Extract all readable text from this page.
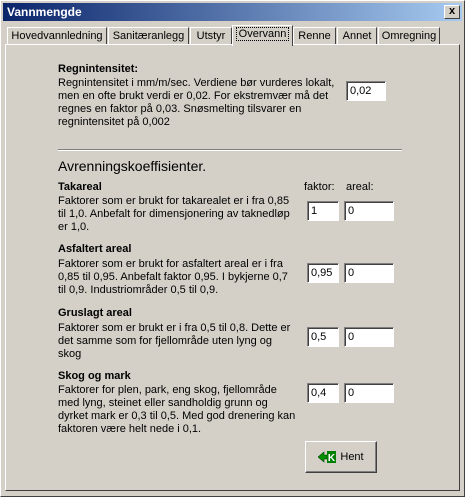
Vannmengde	x
Hovedvannledning Sanitæranlegg	Utstyr	Overvann	Renne	Annet Omregning
Regnintensitet:
Regnintensitet i mm/m/sec. Verdiene bør vurderes lokalt, men en ofte brukt verdi er 0,02. For ekstremvær må det regnes en faktor på 0,03. Snøsmelting tilsvarer en regnintensitet på 0,002
0,02
Avrenningskoeffisienter.
faktor: areal:
Takareal
Faktorer som er brukt for takarealet er i fra 0,85 til 1,0. Anbefalt for dimensjonering av taknedløp er 1,0.
1	0
Asfaltert areal
Faktorer som er brukt for asfaltert areal er i fra 0,85 til 0,95. Anbefalt faktor 0,95. I bykjerne 0,7 til 0,9. Industriområder 0,5 til 0,9.
0,95	0
Gruslagt areal
Faktorer som er brukt er i fra 0,5 til 0,8. Dette er det samme som for fjellområde uten lyng og skog
0,5	0
Skog og mark
Faktorer for plen, park, eng skog, fjellområde med lyng, steinet eller sandholdig grunn og dyrket mark er 0,3 til 0,5. Med god drenering kan faktoren være helt nede i 0,1.
0,4	0
K Hent
